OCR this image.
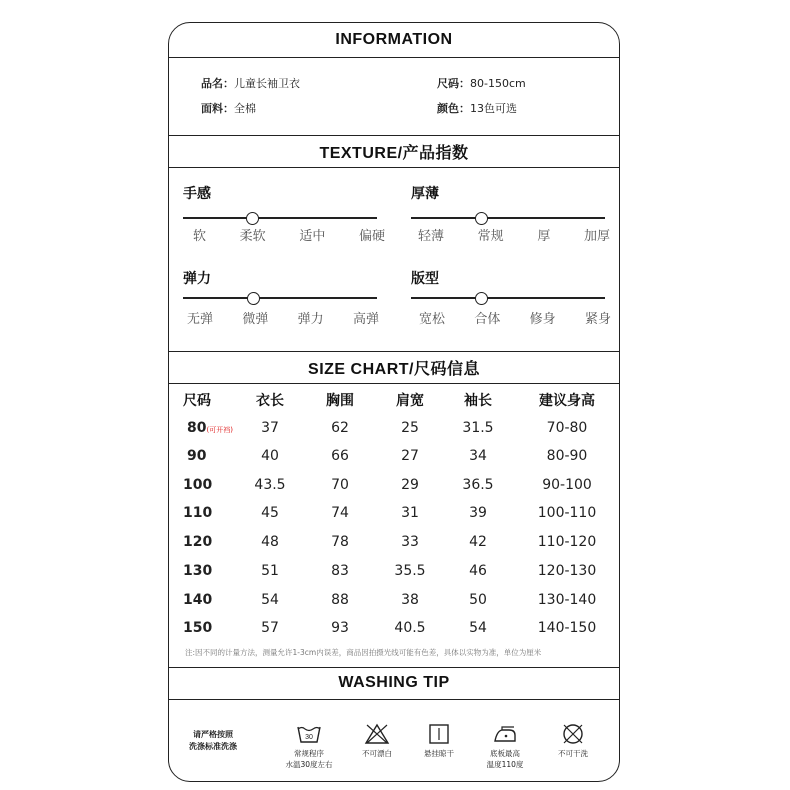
INFORMATION
品名：儿童长袖卫衣	尺码：80-150cm
面料：全棉	颜色：13色可选
TEXTURE/产品指数
手感
软	柔软	适中	偏硬
厚薄
轻薄	常规	厚	加厚
弹力
无弹 微弹 弹力 高弹
版型
宽松 合体 修身 紧身
SIZE CHART/尺码信息
尺码	衣长	胸围	肩宽	袖长	建议身高
80(可开裆)	37	62	25	31.5	70-80
90	40	66	27	34	80-90
100	43.5	70	29	36.5	90-100
110	45	74	31	39	100-110
120	48	78	33	42	110-120
130	51	83	35.5	46	120-130
140	54	88	38	50	130-140
150	57	93	40.5	54	140-150
注:因不同的计量方法，测量允许1-3cm内误差，商品因拍摄光线可能有色差，具体以实物为准，单位为厘米
WASHING TIP
请严格按照
洗涤标准洗涤
30
常规程序
水温30度左右
不可漂白	悬挂晾干	底板最高
温度110度
不可干洗
